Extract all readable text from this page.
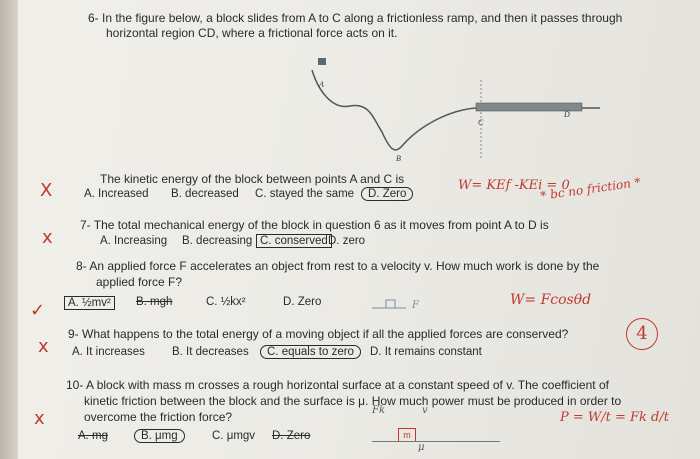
6- In the figure below, a block slides from A to C along a frictionless ramp, and then it passes through
horizontal region CD, where a frictional force acts on it.
A
B
C
D
The kinetic energy of the block between points A and C is
A. Increased B. decreased C. stayed the same	D. Zero
X	W= KEf -KEi = 0
* bc no friction *
7- The total mechanical energy of the block in question 6 as it moves from point A to D is
A. Increasing B. decreasing C. conserved D. zero
x
8- An applied force F accelerates an object from rest to a velocity v. How much work is done by the
applied force F?
A. ½mv²	B. mgh	C. ½kx²	D. Zero
✓	F	W= Fcosθd
9- What happens to the total energy of a moving object if all the applied forces are conserved?
A. It increases B. It decreases	C. equals to zero	D. It remains constant
x
4
10- A block with mass m crosses a rough horizontal surface at a constant speed of v. The coefficient of
kinetic friction between the block and the surface is μ. How much power must be produced in order to
overcome the friction force?
A. mg	B. μmg	C. μmgv D. Zero
x	Fk	v
m
μ
P = W/t = Fk d/t
